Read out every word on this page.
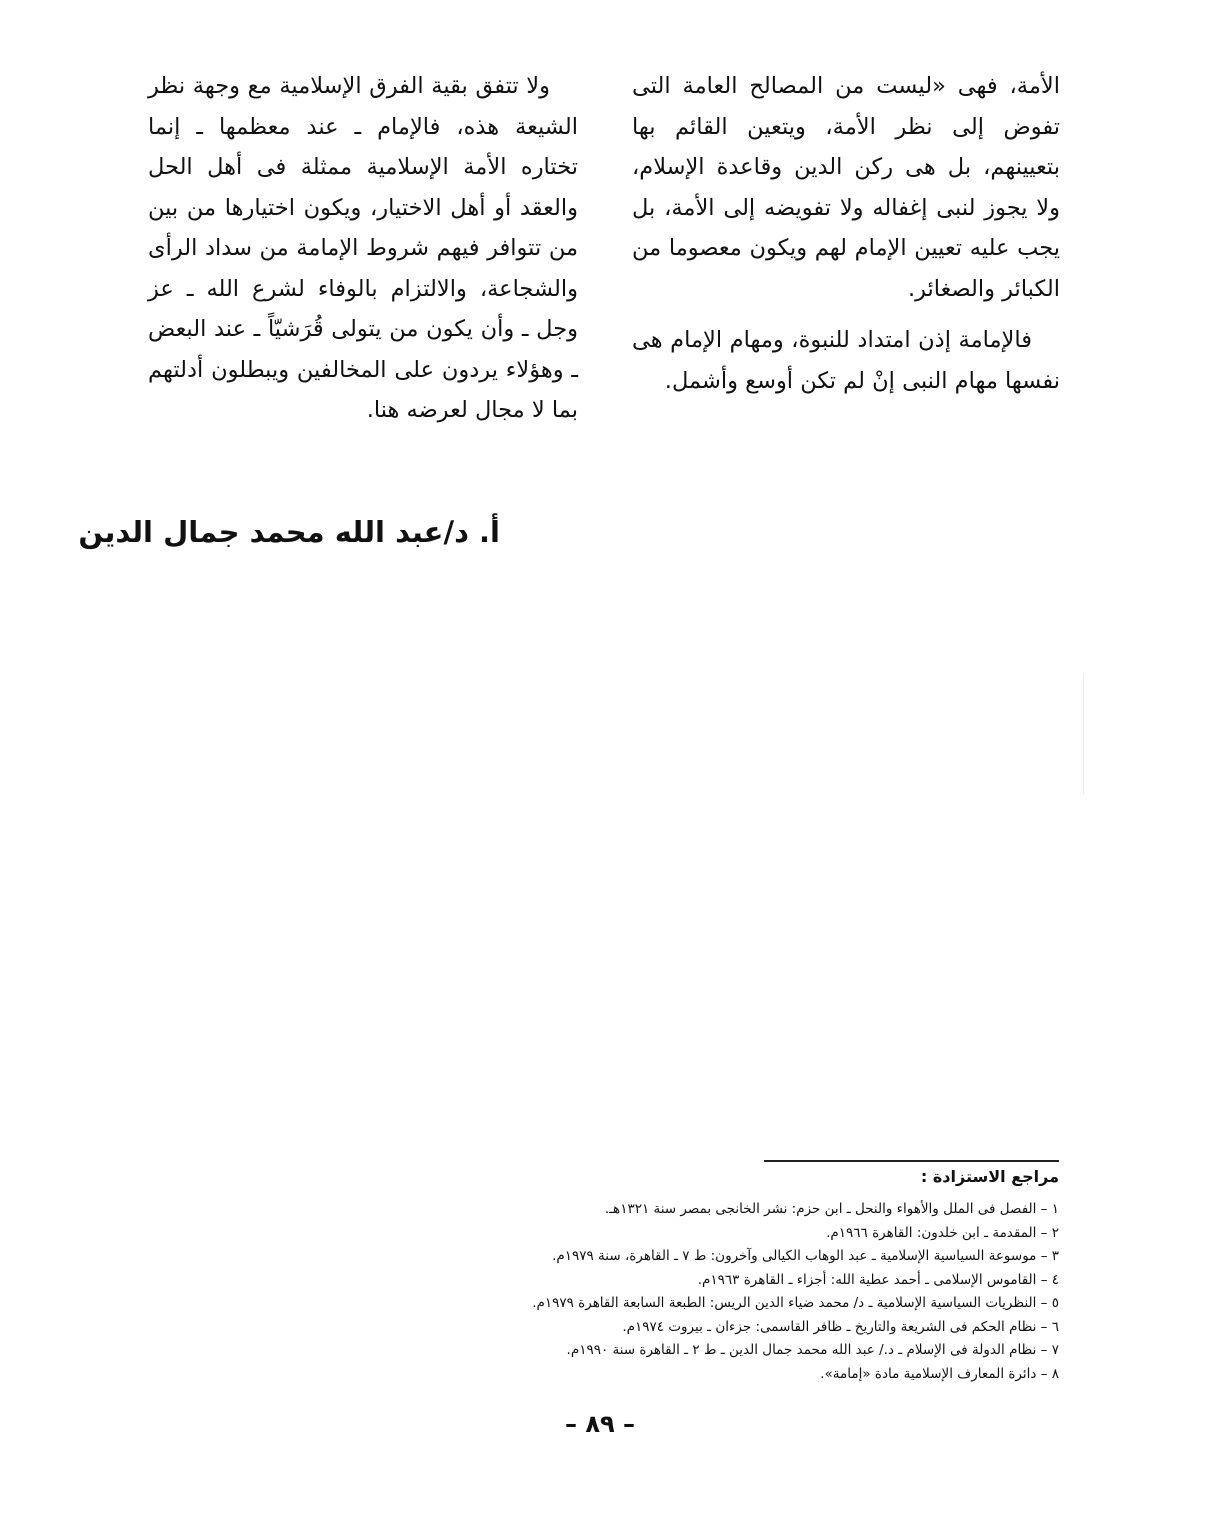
الأمة، فهى «ليست من المصالح العامة التى تفوض إلى نظر الأمة، ويتعين القائم بها بتعيينهم، بل هى ركن الدين وقاعدة الإسلام، ولا يجوز لنبى إغفاله ولا تفويضه إلى الأمة، بل يجب عليه تعيين الإمام لهم ويكون معصوما من الكبائر والصغائر.

فالإمامة إذن امتداد للنبوة، ومهام الإمام هى نفسها مهام النبى إنْ لم تكن أوسع وأشمل.

ولا تتفق بقية الفرق الإسلامية مع وجهة نظر الشيعة هذه، فالإمام ـ عند معظمها ـ إنما تختاره الأمة الإسلامية ممثلة فى أهل الحل والعقد أو أهل الاختيار، ويكون اختيارها من بين من تتوافر فيهم شروط الإمامة من سداد الرأى والشجاعة، والالتزام بالوفاء لشرع الله ـ عز وجل ـ وأن يكون من يتولى قُرَشيّاً ـ عند البعض ـ وهؤلاء يردون على المخالفين ويبطلون أدلتهم بما لا مجال لعرضه هنا.

أ. د/عبد الله محمد جمال الدين
مراجع الاستزادة :
١ – الفصل فى الملل والأهواء والنحل ـ ابن حزم: نشر الخانجى بمصر سنة ١٣٢١هـ.
٢ – المقدمة ـ ابن خلدون: القاهرة ١٩٦٦م.
٣ – موسوعة السياسية الإسلامية ـ عبد الوهاب الكيالى وآخرون: ط ٧ ـ القاهرة، سنة ١٩٧٩م.
٤ – القاموس الإسلامى ـ أحمد عطية الله: أجزاء ـ القاهرة ١٩٦٣م.
٥ – النظريات السياسية الإسلامية ـ د/ محمد ضياء الدين الريس: الطبعة السابعة القاهرة ١٩٧٩م.
٦ – نظام الحكم فى الشريعة والتاريخ ـ ظافر القاسمى: جزءان ـ بيروت ١٩٧٤م.
٧ – نظام الدولة فى الإسلام ـ د./ عبد الله محمد جمال الدين ـ ط ٢ ـ القاهرة سنة ١٩٩٠م.
٨ – دائرة المعارف الإسلامية مادة «إمامة».
– ٨٩ –
